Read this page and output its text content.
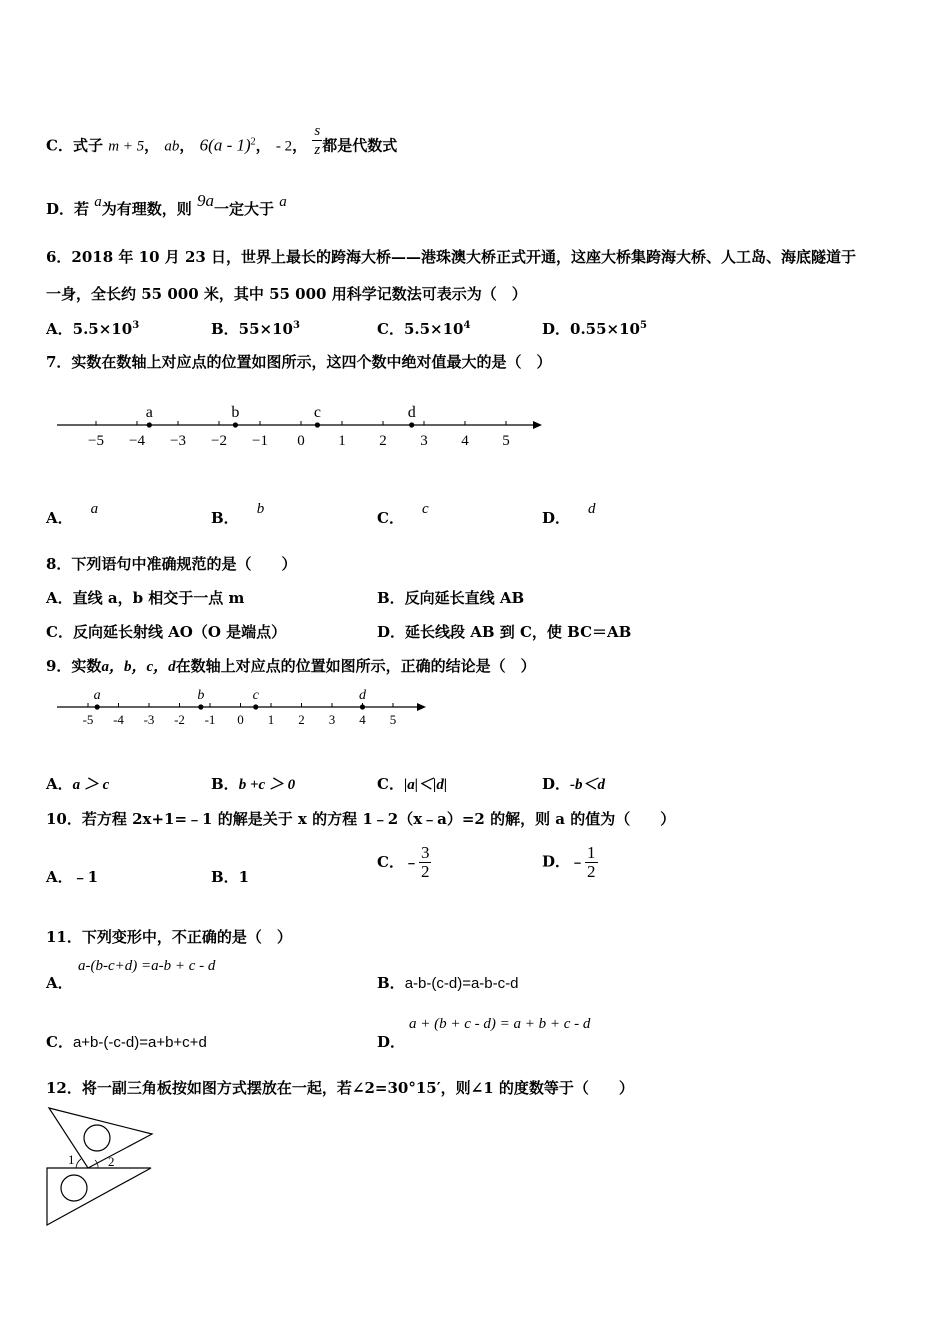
C．式子 m + 5， ab， 6(a - 1)$^2$， - 2， $\frac{s}{z}$ 都是代数式
D．若 a为有理数，则 9a一定大于 a
6．2018 年 10 月 23 日，世界上最长的跨海大桥——港珠澳大桥正式开通，这座大桥集跨海大桥、人工岛、海底隧道于
一身，全长约 55 000 米，其中 55 000 用科学记数法可表示为（　）
A．$5.5\times 10^3$	B．$55\times 10^3$	C．$5.5\times 10^4$	D．$0.55\times 10^5$
7．实数在数轴上对应点的位置如图所示，这四个数中绝对值最大的是（　）
−5 −4 −3 −2 −1 0 1 2 3 4 5
a	b	c	d
A． a	B． b	C． c	D． d
8．下列语句中准确规范的是（　　）
A．直线 a，b 相交于一点 m	B．反向延长直线 AB
C．反向延长射线 AO（O 是端点）	D．延长线段 AB 到 C，使 BC＝AB
9．实数a，b，c，d在数轴上对应点的位置如图所示，正确的结论是（　）
-5 -4 -3 -2 -1 0 1 2 3 4 5
a	b	c	d
A．a ＞ c	B．b +c ＞ 0	C．|a|＜|d|	D．-b＜d
10．若方程 2x+1=﹣1 的解是关于 x 的方程 1﹣2（x﹣a）=2 的解，则 a 的值为（　　）
A．﹣1	B．1
C．﹣ $\frac{3}{2}$	D．﹣ $\frac{1}{2}$
11．下列变形中，不正确的是（　）
A．
a-(b-c+d) =a-b + c - d
B．a-b-(c-d)=a-b-c-d
C．a+b-(-c-d)=a+b+c+d	D．
a + (b + c - d) = a + b + c - d
12．将一副三角板按如图方式摆放在一起，若∠2=30°15′，则∠1 的度数等于（　　）
1	2
